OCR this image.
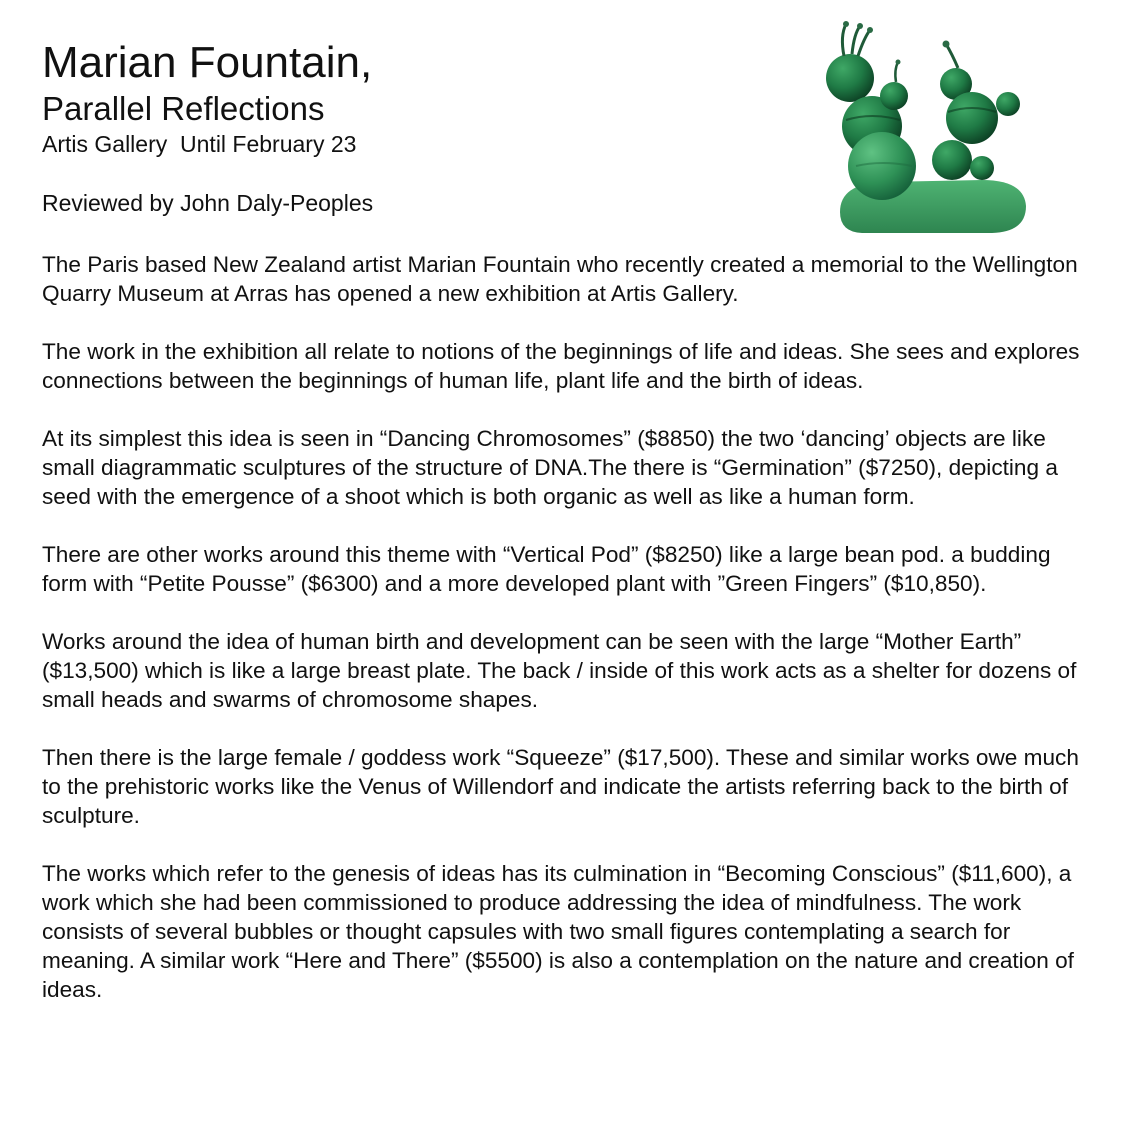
Marian Fountain,
Parallel Reflections
Artis Gallery  Until February 23
Reviewed by John Daly-Peoples

The Paris based New Zealand artist Marian Fountain who recently created a memorial to the Wellington Quarry Museum at Arras has opened a new exhibition at Artis Gallery.

The work in the exhibition all relate to notions of the beginnings of life and ideas. She sees and explores connections between the beginnings of human life, plant life and the birth of ideas.

At its simplest this idea is seen in “Dancing Chromosomes” ($8850) the two ‘dancing’ objects are like small diagrammatic sculptures of the structure of DNA.The there is “Germination” ($7250), depicting a seed with the emergence of a shoot which is both organic as well as like a human form.

There are other works around this theme with “Vertical Pod” ($8250) like a large bean pod. a budding form with “Petite Pousse” ($6300) and a more developed plant with ”Green Fingers” ($10,850).

Works around the idea of human birth and development can be seen with the large “Mother Earth” ($13,500) which is like a large breast plate. The back / inside of this work acts as a shelter for dozens of small heads and swarms of chromosome shapes.

Then there is the large female / goddess work “Squeeze” ($17,500). These and similar works owe much to the prehistoric works like the Venus of Willendorf and indicate the artists referring back to the birth of sculpture.

The works which refer to the genesis of ideas has its culmination in “Becoming Conscious” ($11,600), a work which she had been commissioned to produce addressing the idea of mindfulness. The work consists of several bubbles or thought capsules with two small figures contemplating a search for meaning. A similar work “Here and There” ($5500) is also a contemplation on the nature and creation of ideas.
